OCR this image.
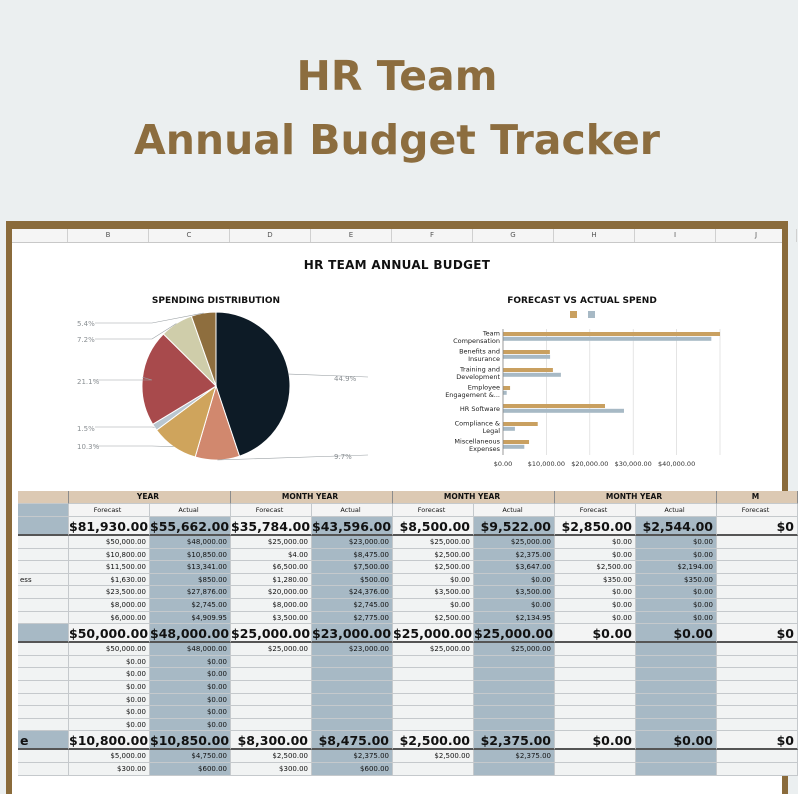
HR Team
Annual Budget Tracker
B	C	D	E	F	G	H	I	J
HR TEAM ANNUAL BUDGET
SPENDING DISTRIBUTION
44.9%
9.7%
10.3%
1.5%
21.1%
7.2%
5.4%
FORECAST VS ACTUAL SPEND
$0.00 $10,000.00 $20,000.00 $30,000.00 $40,000.00
Team
Compensation
Benefits and
Insurance
Training and
Development
Employee
Engagement &...
HR Software
Compliance &
Legal
Miscellaneous
Expenses
YEAR	MONTH YEAR	MONTH YEAR	MONTH YEAR	M
Forecast	Actual	Forecast	Actual	Forecast	Actual	Forecast	Actual	Forecast
$81,930.00 $55,662.00 $35,784.00 $43,596.00 $8,500.00 $9,522.00 $2,850.00 $2,544.00	$0
$50,000.00	$48,000.00	$25,000.00	$23,000.00	$25,000.00	$25,000.00	$0.00	$0.00
$10,800.00	$10,850.00	$4.00	$8,475.00	$2,500.00	$2,375.00	$0.00	$0.00
$11,500.00	$13,341.00	$6,500.00	$7,500.00	$2,500.00	$3,647.00	$2,500.00	$2,194.00
ess	$1,630.00	$850.00	$1,280.00	$500.00	$0.00	$0.00	$350.00	$350.00
$23,500.00	$27,876.00	$20,000.00	$24,376.00	$3,500.00	$3,500.00	$0.00	$0.00
$8,000.00	$2,745.00	$8,000.00	$2,745.00	$0.00	$0.00	$0.00	$0.00
$6,000.00	$4,909.95	$3,500.00	$2,775.00	$2,500.00	$2,134.95	$0.00	$0.00
$50,000.00 $48,000.00 $25,000.00 $23,000.00 $25,000.00 $25,000.00	$0.00	$0.00	$0
$50,000.00	$48,000.00	$25,000.00	$23,000.00	$25,000.00	$25,000.00
$0.00	$0.00
$0.00	$0.00
$0.00	$0.00
$0.00	$0.00
$0.00	$0.00
$0.00	$0.00
e	$10,800.00 $10,850.00 $8,300.00 $8,475.00 $2,500.00 $2,375.00	$0.00	$0.00	$0
$5,000.00	$4,750.00	$2,500.00	$2,375.00	$2,500.00	$2,375.00
$300.00	$600.00	$300.00	$600.00
